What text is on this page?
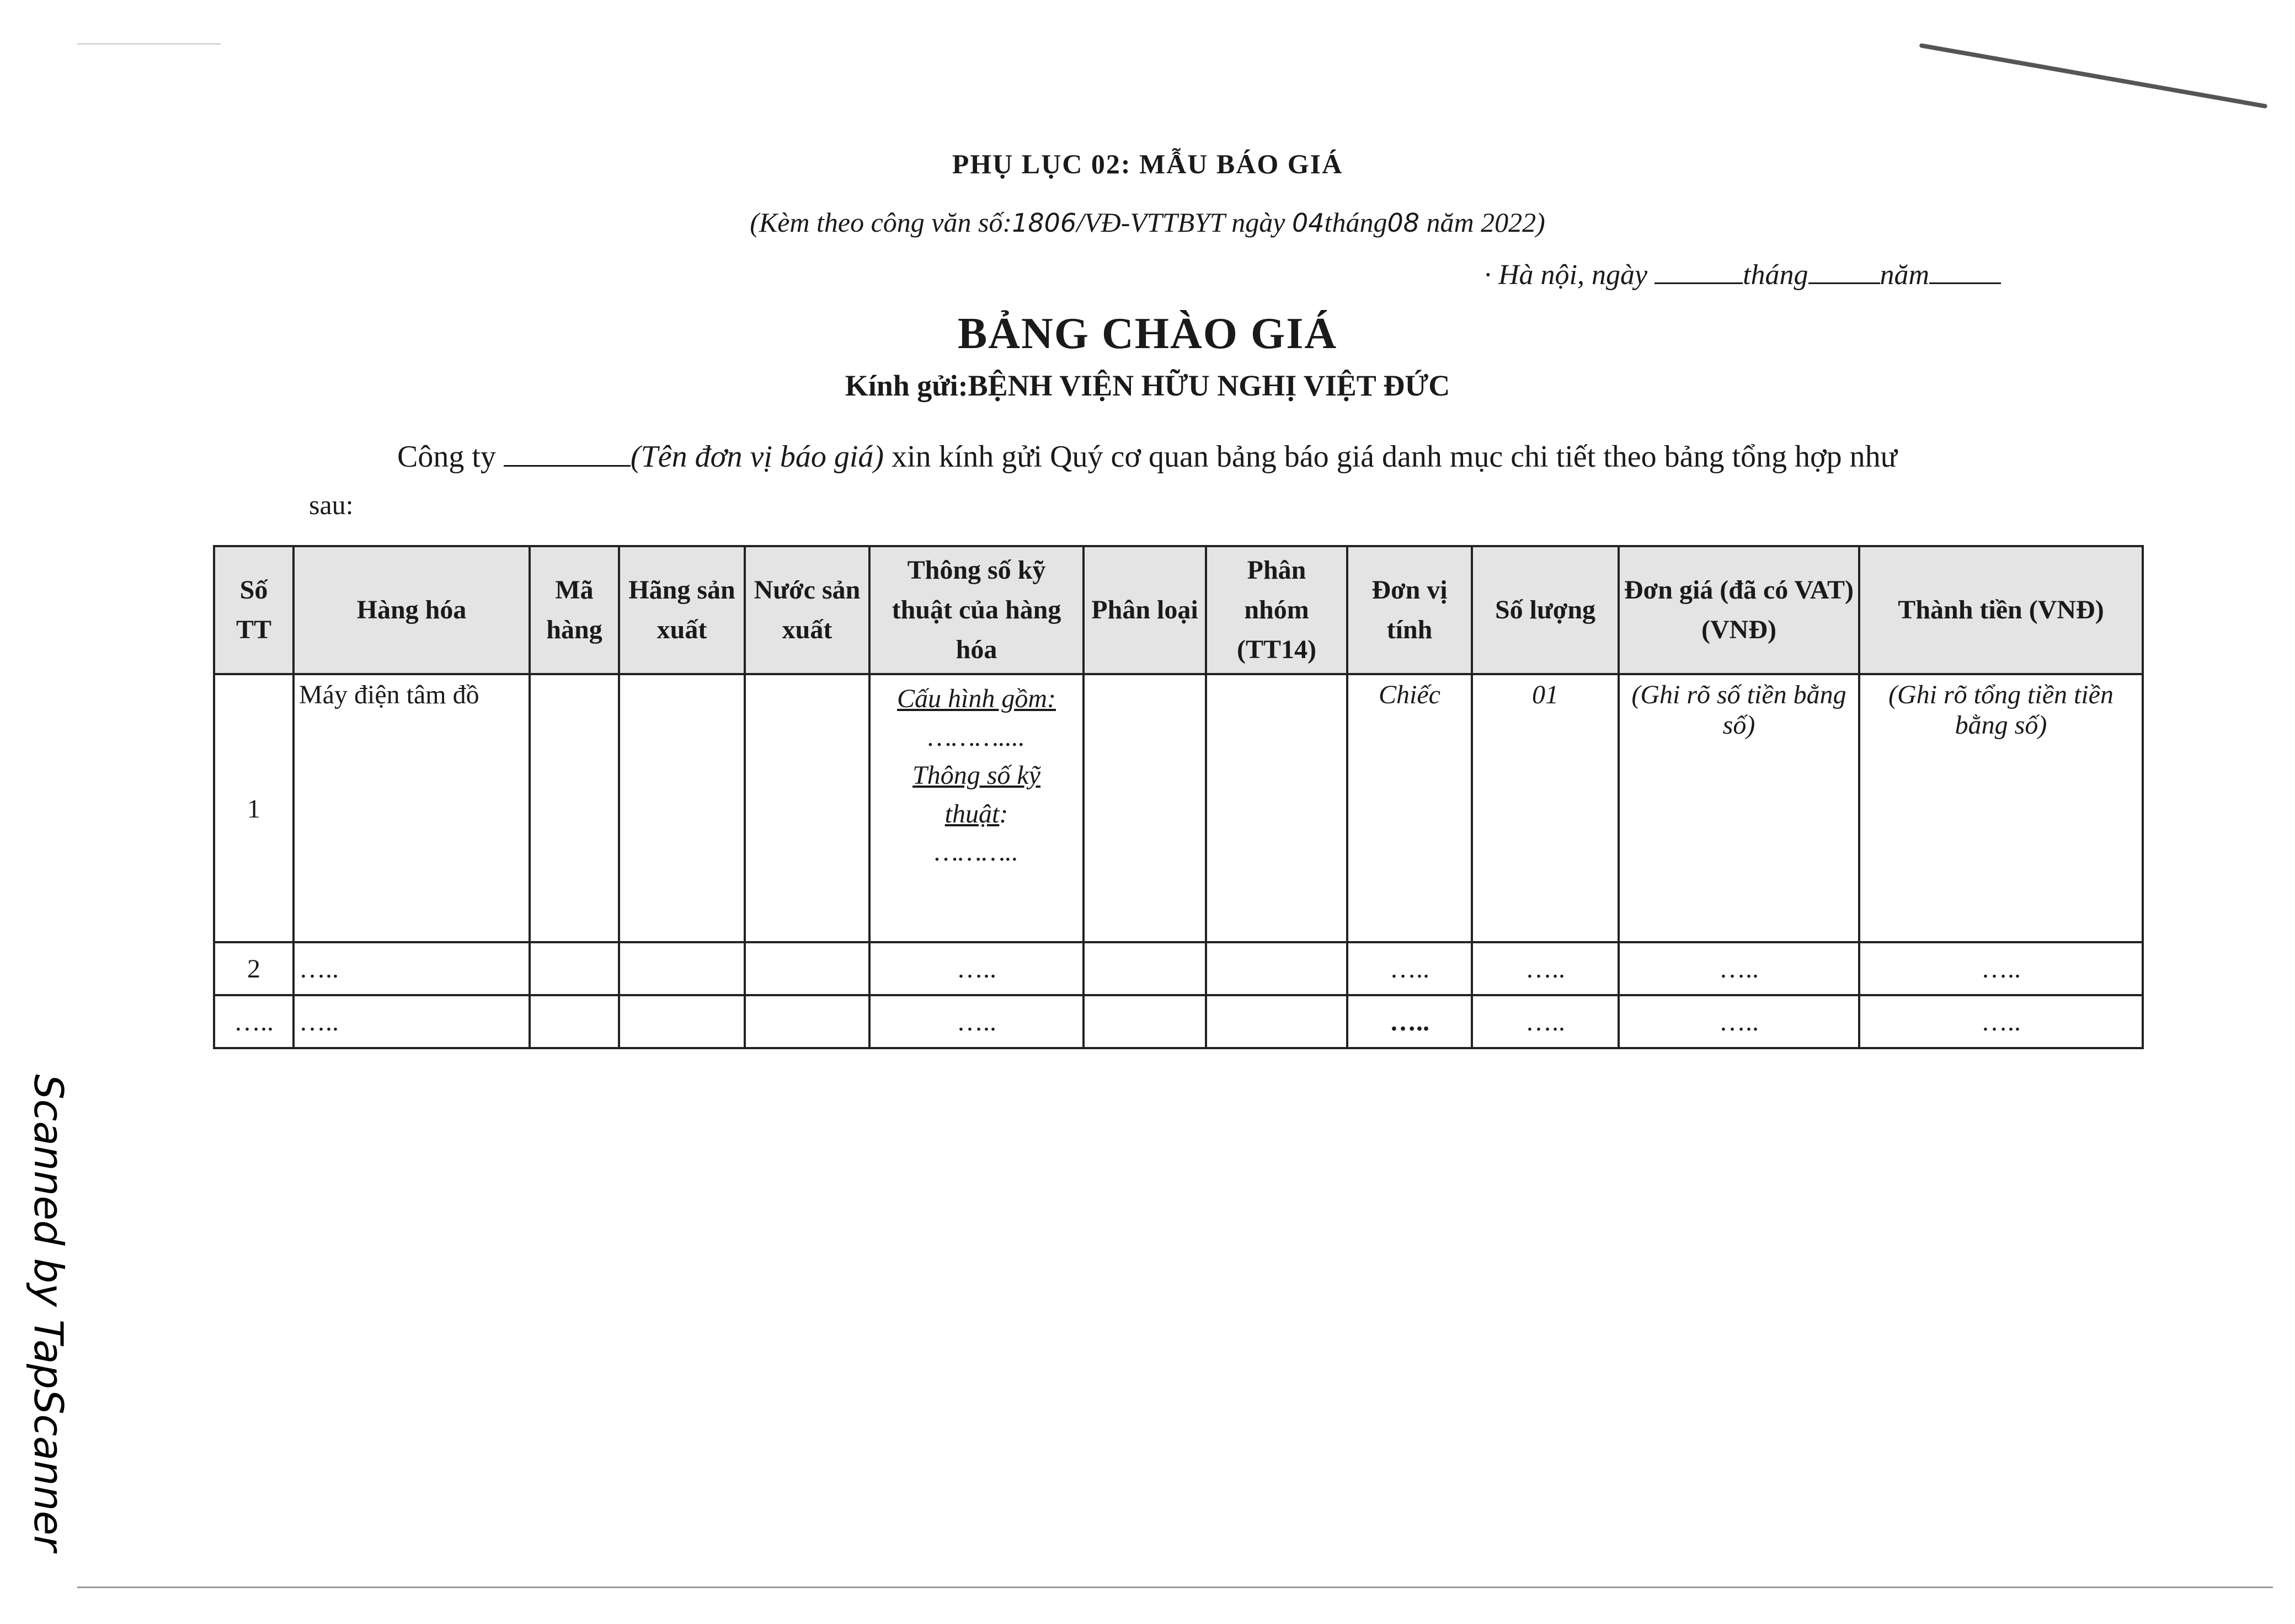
PHỤ LỤC 02: MẪU BÁO GIÁ
(Kèm theo công văn số:1806/VĐ-VTTBYT ngày 04tháng08 năm 2022)
· Hà nội, ngày	tháng	năm
BẢNG CHÀO GIÁ
Kính gửi:BỆNH VIỆN HỮU NGHỊ VIỆT ĐỨC
Công ty	(Tên đơn vị báo giá) xin kính gửi Quý cơ quan bảng báo giá danh mục chi tiết theo bảng tổng hợp như
sau:
Số TT	Hàng hóa	Mã hàng	Hãng sản xuất	Nước sản xuất	Thông số kỹ thuật của hàng hóa	Phân loại	Phân nhóm (TT14)	Đơn vị tính	Số lượng	Đơn giá (đã có VAT) (VNĐ)	Thành tiền (VNĐ)
1	Máy điện tâm đồ				Cấu hình gồm:
………....
Thông số kỹ
thuật:
………..			Chiếc	01	(Ghi rõ số tiền bằng số)	(Ghi rõ tổng tiền tiền bằng số)
2	…..				…..			…..	…..	…..	…..
…..	…..				…..			…..	…..	…..	…..
Scanned by TapScanner
